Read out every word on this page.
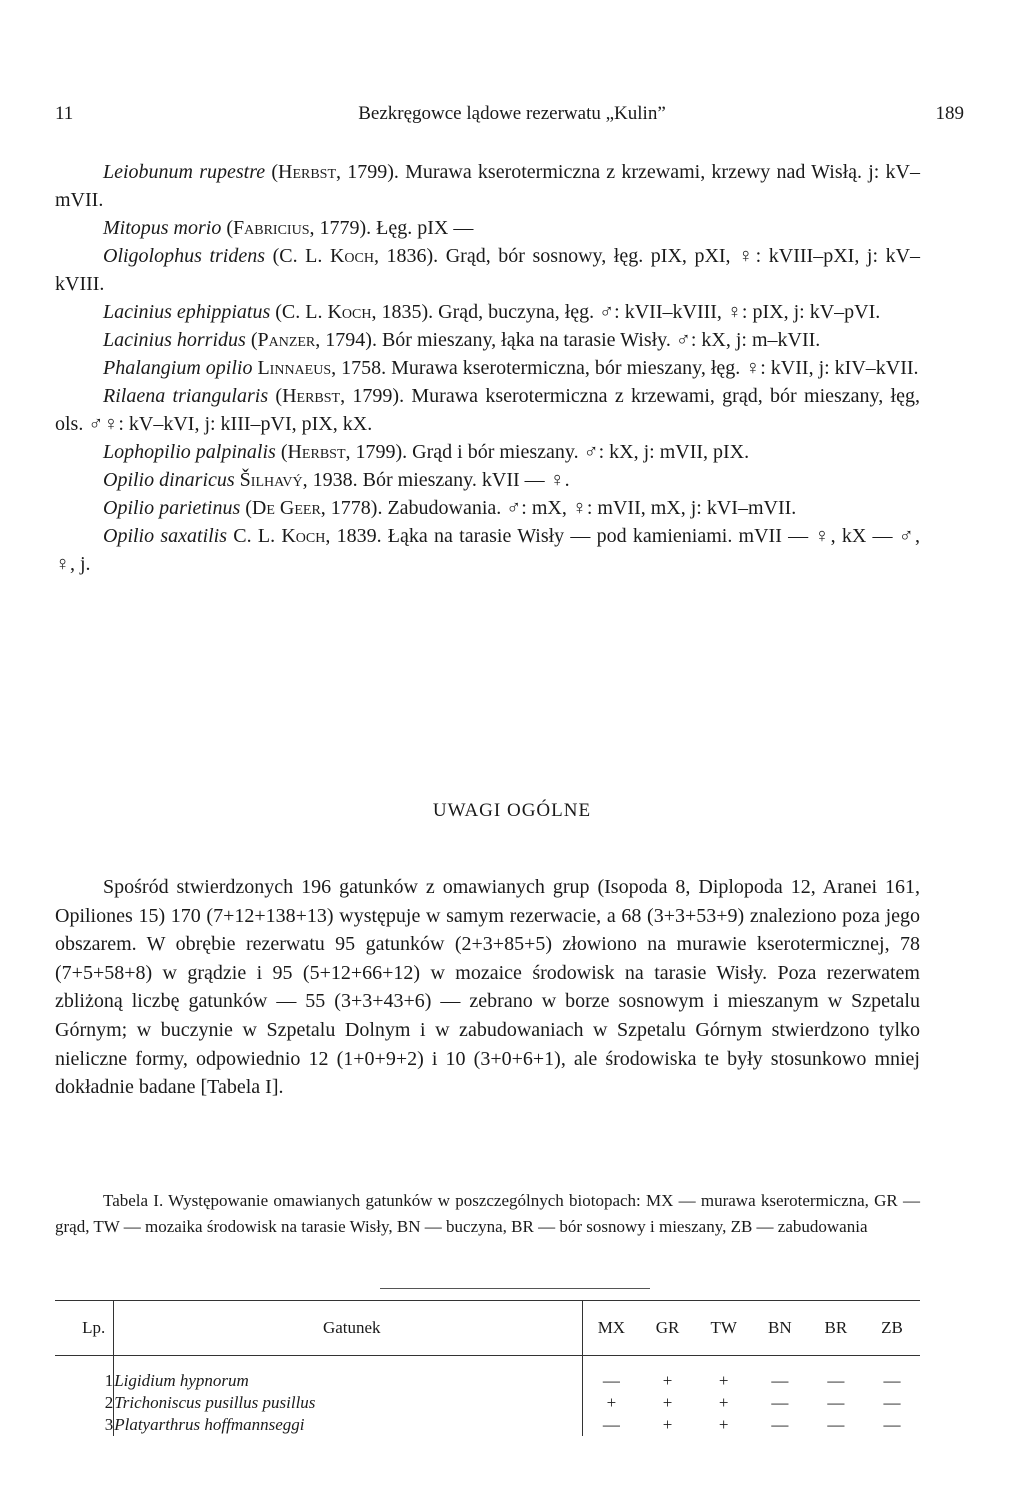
11	Bezkręgowce lądowe rezerwatu „Kulin”	189

Leiobunum rupestre (Herbst, 1799). Murawa kserotermiczna z krzewami, krzewy nad Wisłą. j: kV–mVII.

Mitopus morio (Fabricius, 1779). Łęg. pIX —

Oligolophus tridens (C. L. Koch, 1836). Grąd, bór sosnowy, łęg. pIX, pXI, ♀: kVIII–pXI, j: kV–kVIII.

Lacinius ephippiatus (C. L. Koch, 1835). Grąd, buczyna, łęg. ♂: kVII–kVIII, ♀: pIX, j: kV–pVI.

Lacinius horridus (Panzer, 1794). Bór mieszany, łąka na tarasie Wisły. ♂: kX, j: m–kVII.

Phalangium opilio Linnaeus, 1758. Murawa kserotermiczna, bór mieszany, łęg. ♀: kVII, j: kIV–kVII.

Rilaena triangularis (Herbst, 1799). Murawa kserotermiczna z krzewami, grąd, bór mieszany, łęg, ols. ♂♀: kV–kVI, j: kIII–pVI, pIX, kX.

Lophopilio palpinalis (Herbst, 1799). Grąd i bór mieszany. ♂: kX, j: mVII, pIX.

Opilio dinaricus Šilhavý, 1938. Bór mieszany. kVII — ♀.

Opilio parietinus (De Geer, 1778). Zabudowania. ♂: mX, ♀: mVII, mX, j: kVI–mVII.

Opilio saxatilis C. L. Koch, 1839. Łąka na tarasie Wisły — pod kamieniami. mVII — ♀, kX — ♂, ♀, j.

UWAGI OGÓLNE

Spośród stwierdzonych 196 gatunków z omawianych grup (Isopoda 8, Diplopoda 12, Aranei 161, Opiliones 15) 170 (7+12+138+13) występuje w samym rezerwacie, a 68 (3+3+53+9) znaleziono poza jego obszarem. W obrębie rezerwatu 95 gatunków (2+3+85+5) złowiono na murawie kserotermicznej, 78 (7+5+58+8) w grądzie i 95 (5+12+66+12) w mozaice środowisk na tarasie Wisły. Poza rezerwatem zbliżoną liczbę gatunków — 55 (3+3+43+6) — zebrano w borze sosnowym i mieszanym w Szpetalu Górnym; w buczynie w Szpetalu Dolnym i w zabudowaniach w Szpetalu Górnym stwierdzono tylko nieliczne formy, odpowiednio 12 (1+0+9+2) i 10 (3+0+6+1), ale środowiska te były stosunkowo mniej dokładnie badane [Tabela I].

Tabela I. Występowanie omawianych gatunków w poszczególnych biotopach: MX — murawa kserotermiczna, GR — grąd, TW — mozaika środowisk na tarasie Wisły, BN — buczyna, BR — bór sosnowy i mieszany, ZB — zabudowania

Lp.	Gatunek	MX	GR	TW	BN	BR	ZB
1	Ligidium hypnorum	—	+	+	—	—	—
2	Trichoniscus pusillus pusillus	+	+	+	—	—	—
3	Platyarthrus hoffmannseggi	—	+	+	—	—	—
